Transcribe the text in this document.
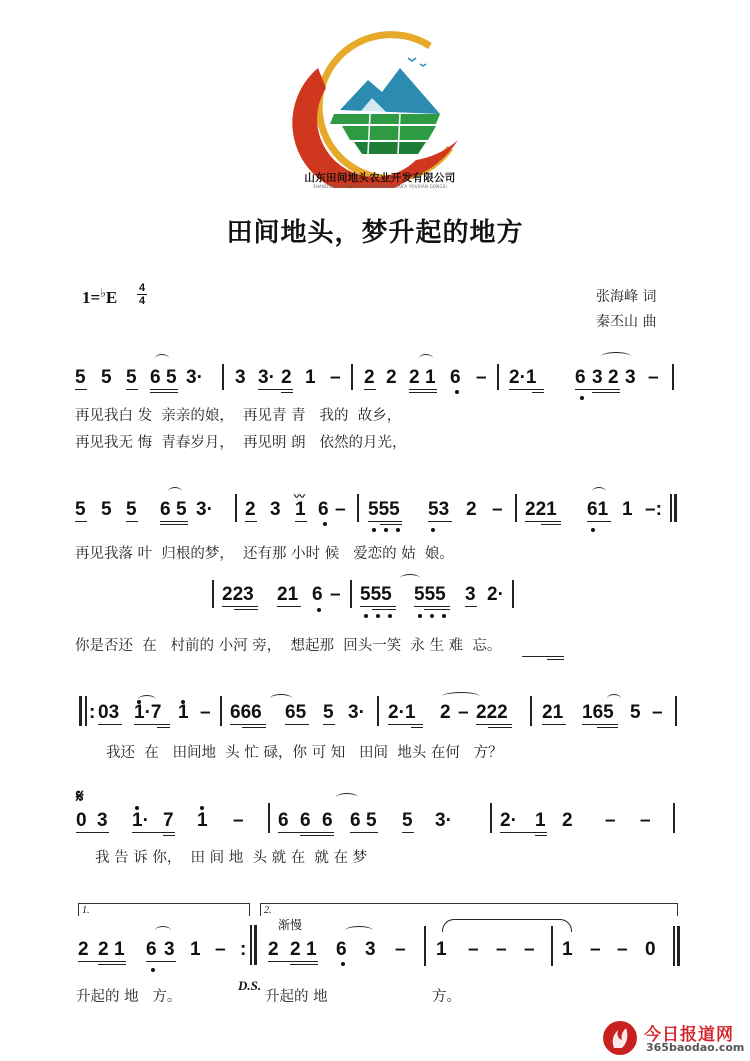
山东田间地头农业开发有限公司
SHANDONG TIANJIAN DITOU NONGYE KAIFA YOUXIAN GONGSI
田间地头，梦升起的地方
1=♭E 4
4	张海峰 词
秦丕山 曲
5 5 5 6 5 3· 3 3· 2 1 – 2 2 2 1 6 – 2·1 6 3 2 3 –
再见我白 发  亲亲的娘，  再见青 青   我的  故乡，
再见我无 悔  青春岁月，  再见明 朗   依然的月光，
5 5 5 6 5 3· 2 3 1
〰
6 – 555 53 2 – 221 61 1 –:
再见我落 叶  归根的梦，  还有那 小时 候   爱恋的 姑  娘。
223 21 6 – 555 555 3 2·
你是否还  在   村前的 小河 旁，  想起那  回头一笑  永 生 难  忘。
: 03 1·7 1 – 666 65 5 3· 2·1 2 – 222 21 165 5 –
我还  在   田间地  头 忙 碌，你 可 知   田间  地头 在何   方？
𝄋
0 3 1· 7 1 – 6 6 6 6 5 5 3·	2· 1 2 – –
我 告 诉 你，  田 间 地  头 就 在  就 在 梦
1.	2.
渐慢
2 2 1 6 3 1 – : 2 2 1 6 3 – 1 – – – 1 – – 0
升起的 地   方。
D.S.
升起的 地	方。
今日报道网
365baodao.com
